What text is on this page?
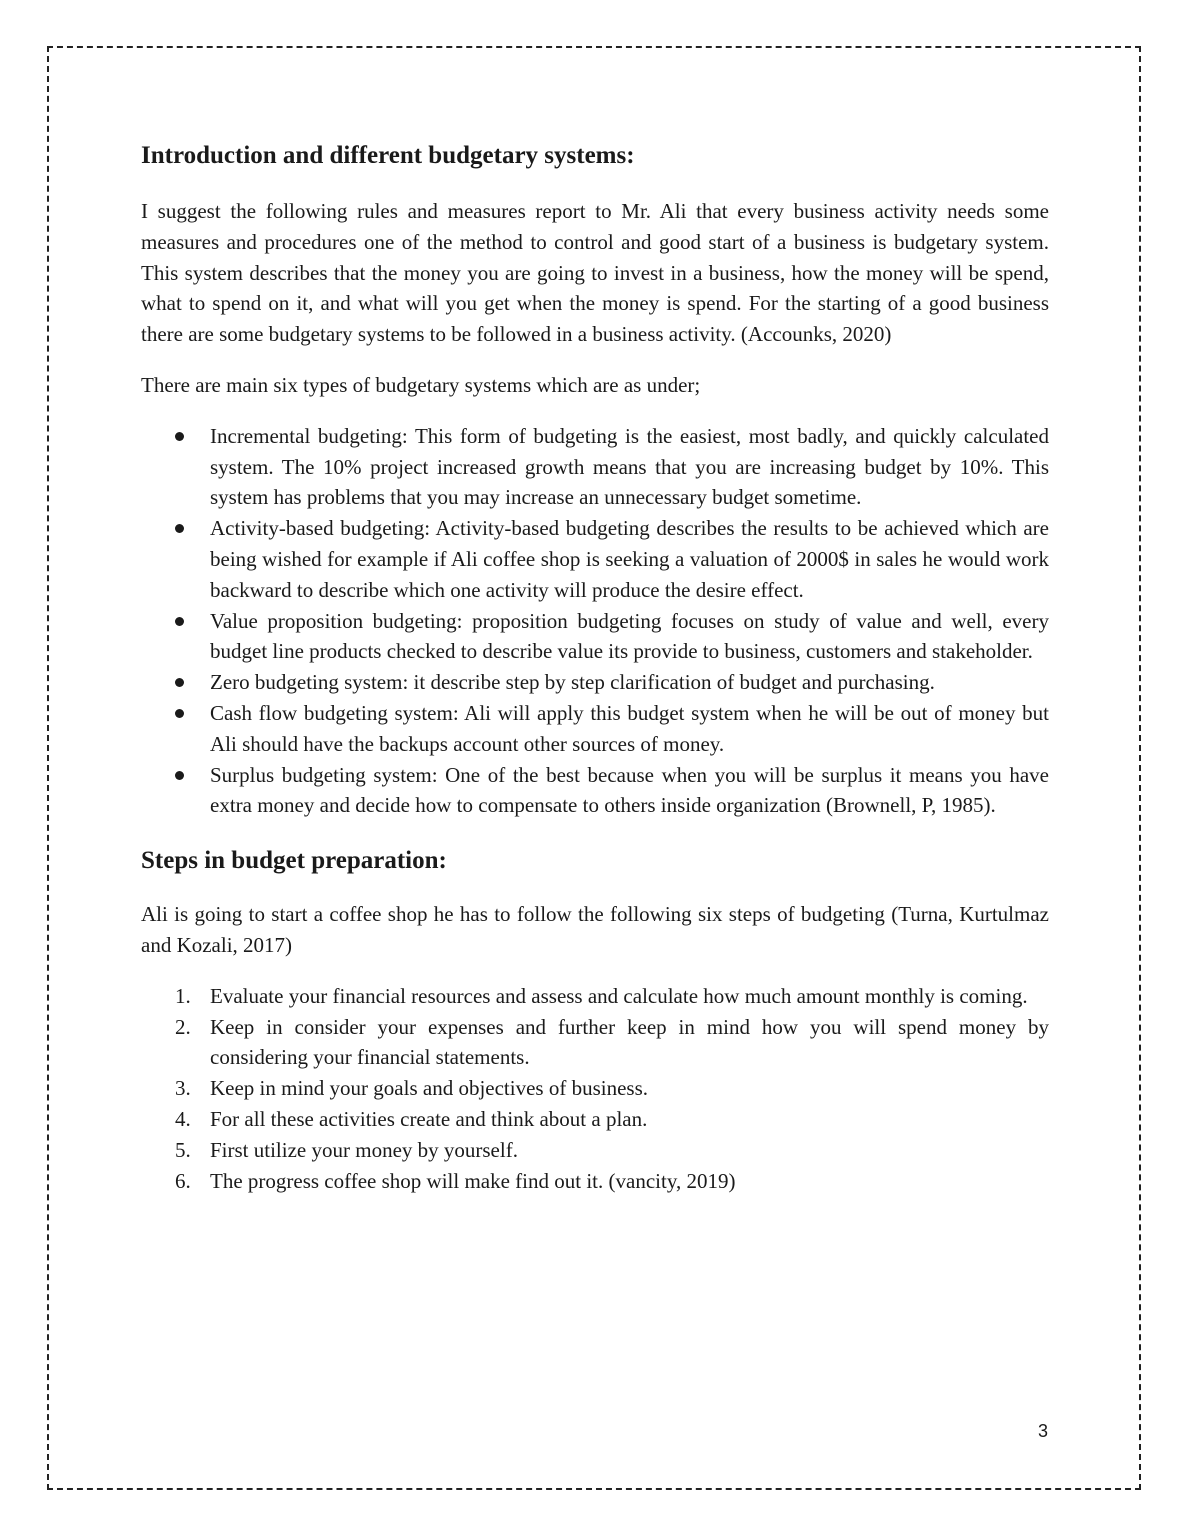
Introduction and different budgetary systems:

I suggest the following rules and measures report to Mr. Ali that every business activity needs some measures and procedures one of the method to control and good start of a business is budgetary system. This system describes that the money you are going to invest in a business, how the money will be spend, what to spend on it, and what will you get when the money is spend. For the starting of a good business there are some budgetary systems to be followed in a business activity. (Accounks, 2020)

There are main six types of budgetary systems which are as under;

Incremental budgeting: This form of budgeting is the easiest, most badly, and quickly calculated system. The 10% project increased growth means that you are increasing budget by 10%. This system has problems that you may increase an unnecessary budget sometime.
Activity-based budgeting: Activity-based budgeting describes the results to be achieved which are being wished for example if Ali coffee shop is seeking a valuation of 2000$ in sales he would work backward to describe which one activity will produce the desire effect.
Value proposition budgeting: proposition budgeting focuses on study of value and well, every budget line products checked to describe value its provide to business, customers and stakeholder.
Zero budgeting system: it describe step by step clarification of budget and purchasing.
Cash flow budgeting system: Ali will apply this budget system when he will be out of money but Ali should have the backups account other sources of money.
Surplus budgeting system: One of the best because when you will be surplus it means you have extra money and decide how to compensate to others inside organization (Brownell, P, 1985).
Steps in budget preparation:

Ali is going to start a coffee shop he has to follow the following six steps of budgeting (Turna, Kurtulmaz and Kozali, 2017)

1. Evaluate your financial resources and assess and calculate how much amount monthly is coming.
2. Keep in consider your expenses and further keep in mind how you will spend money by considering your financial statements.
3. Keep in mind your goals and objectives of business.
4. For all these activities create and think about a plan.
5. First utilize your money by yourself.
6. The progress coffee shop will make find out it. (vancity, 2019)
3
